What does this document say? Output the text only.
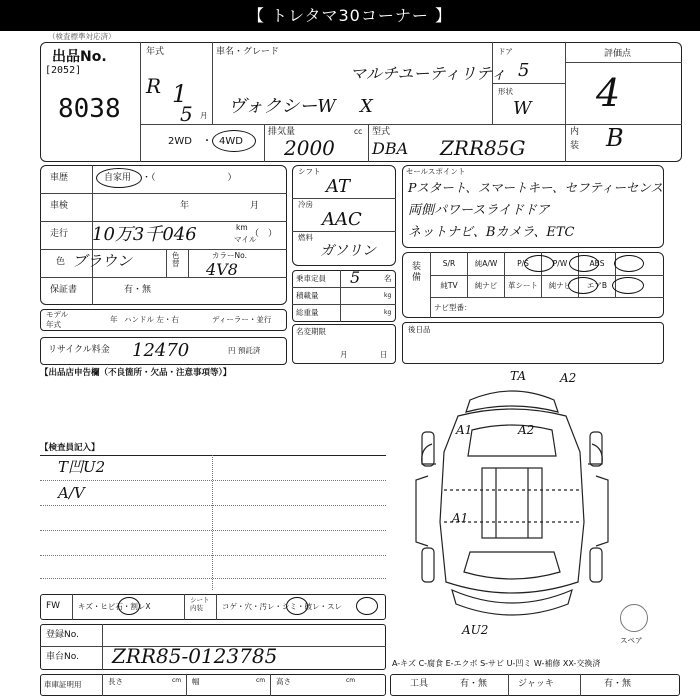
【 トレタマ30コーナー 】
（検査標準対応済）
出品No.
[2052]
8038
年式
R 1
5 月
車名・グレード
マルチユーティリティ
ヴォクシーW X
ドア
5
形状
W
評価点
4
内
装 B
2WD ・ 4WD
排気量	cc
2000
型式
DBA ZRR85G
車歴	自家用 ・（　　　　　　　　）
車検	年	月
走行 10万3千046	km
マイル
（　）
色 ブラウン	色替
カラーNo.
4V8
保証書	有・無
モデル
年式
年 ハンドル 左・右	ディーラー・並行
リサイクル料金 12470	円 預託済
シフト
AT
冷房
AAC
燃料
ガソリン
乗車定員 5	名
積載量	kg
総重量	kg
名変期限
月	日
セールスポイント
Pスタート、スマートキー、セフティーセンス
両側パワースライドドア
ネットナビ、Bカメラ、ETC
装備
S/R	純A/W	P/S	P/W	ABS
純TV	純ナビ	革シート	純ナビ	エアB
ナビ型番：
後日品
【出品店申告欄（不良箇所・欠品・注意事項等）】
【検査員記入】
T凹U2
A/V
TA	A2
A1	A2
A1
AU2
スペア
FW キズ・ヒビ石・割レX
シート内装	コゲ・穴・汚レ・シミ・破レ・スレ
登録No.
車台No. ZRR85-0123785
車庫証明用	長さ	cm 幅	cm 高さ	cm
A-キズ C-腐食 E-エクボ S-サビ U-凹ミ W-補修 XX-交換済
工具	有・無	ジャッキ	有・無
